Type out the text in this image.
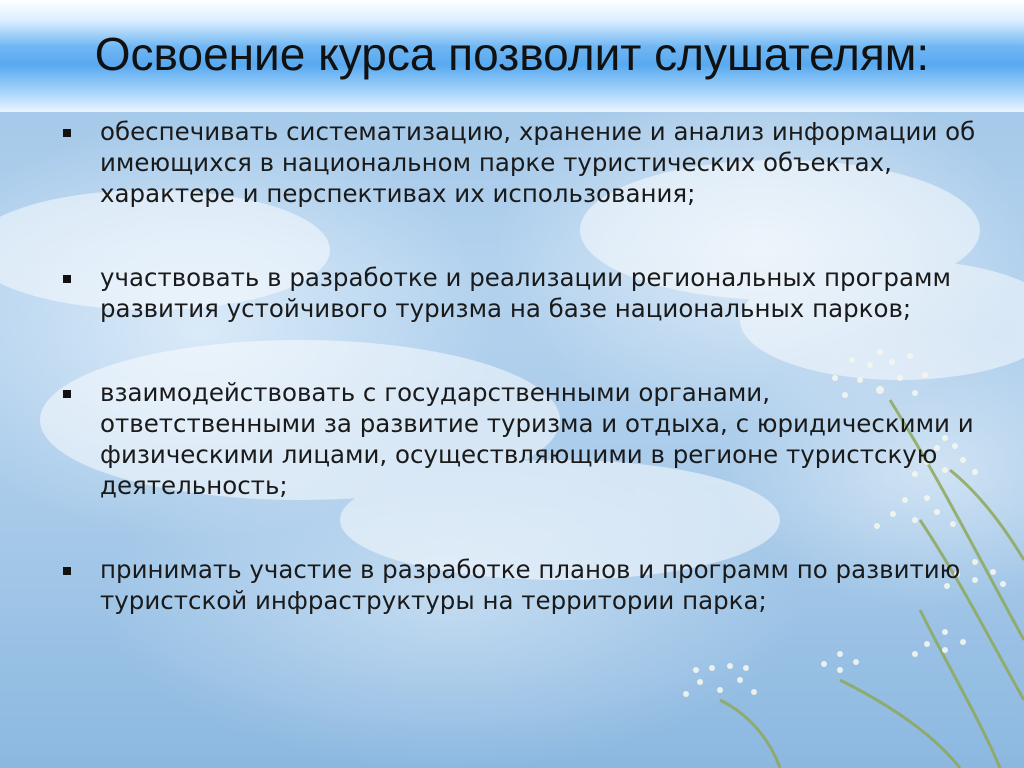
Освоение курса позволит слушателям:
обеспечивать систематизацию, хранение и анализ информации об имеющихся в национальном парке туристических объектах, характере и перспективах их использования;
участвовать в разработке и реализации региональных программ развития устойчивого туризма на базе национальных парков;
взаимодействовать с государственными органами, ответственными за развитие туризма и отдыха, с юридическими и физическими лицами, осуществляющими в регионе туристскую деятельность;
принимать участие в разработке планов и программ по развитию туристской инфраструктуры на территории парка;
